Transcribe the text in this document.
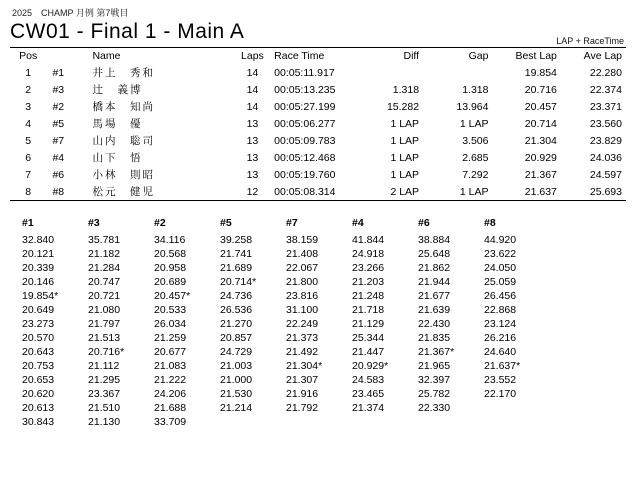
2025　CHAMP 月例 第7戦目
CW01 - Final 1 - Main A	LAP + RaceTime
Pos		Name	Laps	Race Time	Diff	Gap	Best Lap	Ave Lap
1	#1	井上　秀和	14	00:05:11.917			19.854	22.280
2	#3	辻　義博	14	00:05:13.235	1.318	1.318	20.716	22.374
3	#2	橋本　知尚	14	00:05:27.199	15.282	13.964	20.457	23.371
4	#5	馬場　優	13	00:05:06.277	1 LAP	1 LAP	20.714	23.560
5	#7	山内　聡司	13	00:05:09.783	1 LAP	3.506	21.304	23.829
6	#4	山下　悟	13	00:05:12.468	1 LAP	2.685	20.929	24.036
7	#6	小林　則昭	13	00:05:19.760	1 LAP	7.292	21.367	24.597
8	#8	松元　健児	12	00:05:08.314	2 LAP	1 LAP	21.637	25.693
#1	#3	#2	#5	#7	#4	#6	#8
32.840	35.781	34.116	39.258	38.159	41.844	38.884	44.920
20.121	21.182	20.568	21.741	21.408	24.918	25.648	23.622
20.339	21.284	20.958	21.689	22.067	23.266	21.862	24.050
20.146	20.747	20.689	20.714*	21.800	21.203	21.944	25.059
19.854*	20.721	20.457*	24.736	23.816	21.248	21.677	26.456
20.649	21.080	20.533	26.536	31.100	21.718	21.639	22.868
23.273	21.797	26.034	21.270	22.249	21.129	22.430	23.124
20.570	21.513	21.259	20.857	21.373	25.344	21.835	26.216
20.643	20.716*	20.677	24.729	21.492	21.447	21.367*	24.640
20.753	21.112	21.083	21.003	21.304*	20.929*	21.965	21.637*
20.653	21.295	21.222	21.000	21.307	24.583	32.397	23.552
20.620	23.367	24.206	21.530	21.916	23.465	25.782	22.170
20.613	21.510	21.688	21.214	21.792	21.374	22.330	
30.843	21.130	33.709					
